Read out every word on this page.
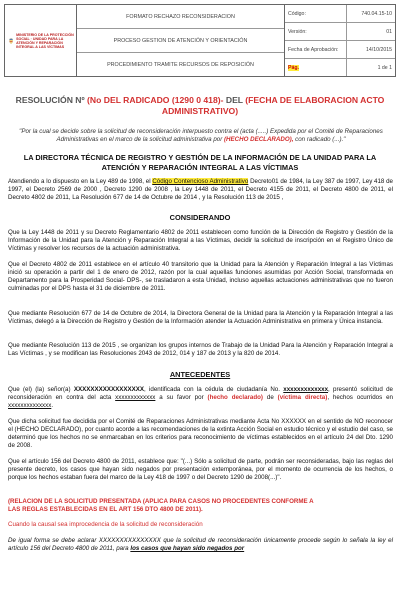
MINISTERIO DE LA PROTECCIÓN SOCIAL · UNIDAD PARA LA ATENCIÓN Y REPARACIÓN INTEGRAL A LAS VÍCTIMAS
FORMATO RECHAZO RECONSIDERACION
PROCESO GESTION DE ATENCIÓN Y ORIENTACIÓN
PROCEDIMIENTO TRAMITE RECURSOS DE REPOSICIÓN
Código:	740.04.15-10
Versión:	01
Fecha de Aprobación:	14/10/2015
Pág.	1 de 1
RESOLUCIÓN Nº (No DEL RADICADO (1290 0 418)- DEL (FECHA DE ELABORACION ACTO
ADMINISTRATIVO)
"Por la cual se decide sobre la solicitud de reconsideración interpuesto contra el (acta (.....) Expedida por el Comité de Reparaciones Administrativas en el marco de la solicitud administrativa por (HECHO DECLARADO), con radicado (...)."
LA DIRECTORA TÉCNICA DE REGISTRO Y GESTIÓN DE LA INFORMACIÓN DE LA UNIDAD PARA LA
ATENCIÓN Y REPARACIÓN INTEGRAL A LAS VÍCTIMAS
Atendiendo a lo dispuesto en la Ley 489 de 1998, el Código Contencioso Administrativo Decreto01 de 1984, la Ley 387 de 1997, Ley 418 de 1997, el Decreto 2569 de 2000 , Decreto 1290 de 2008 , la Ley 1448 de 2011, el Decreto 4155 de 2011, el Decreto 4800 de 2011, el Decreto 4802 de 2011, La Resolución 677 de 14 de Octubre de 2014 , y la Resolución 113 de 2015 ,
CONSIDERANDO
Que la Ley 1448 de 2011 y su Decreto Reglamentario 4802 de 2011 establecen como función de la Dirección de Registro y Gestión de la Información de la Unidad para la Atención y Reparación Integral a las Víctimas, decidir la solicitud de inscripción en el Registro Único de Víctimas y resolver los recursos de la actuación administrativa.
Que el Decreto 4802 de 2011 establece en el artículo 40 transitorio que la Unidad para la Atención y Reparación Integral a las Víctimas inició su operación a partir del 1 de enero de 2012, razón por la cual aquellas funciones asumidas por Acción Social, transformada en Departamento para la Prosperidad Social- DPS-, se trasladaron a esta Unidad, incluso aquellas actuaciones administrativas que no fueron culminadas por el DPS hasta el 31 de diciembre de 2011.
Que mediante Resolución 677 de 14 de Octubre de 2014, la Directora General de la Unidad para la Atención y la Reparación Integral a las Víctimas, delegó a la Dirección de Registro y Gestión de la Información atender la Actuación Administrativa en primera y Única instancia.
Que mediante Resolución 113 de 2015 , se organizan los grupos internos de Trabajo de la Unidad Para la Atención y Reparación Integral a Las Víctimas , y se modifican las Resoluciones 2043 de 2012, 014 y 187 de 2013 y la 820 de 2014.
ANTECEDENTES
Que (el) (la) señor(a) XXXXXXXXXXXXXXXXX, identificada con la cédula de ciudadanía No. xxxxxxxxxxxxx, presentó solicitud de reconsideración en contra del acta xxxxxxxxxxxxx a su favor por (hecho declarado) de (víctima directa), hechos ocurridos en xxxxxxxxxxxxxx.
Que dicha solicitud fue decidida por el Comité de Reparaciones Administrativas mediante Acta No XXXXXX en el sentido de NO reconocer el (HECHO DECLARADO), por cuanto acorde a las recomendaciones de la extinta Acción Social en estudio técnico y el estudio del caso, se determinó que los hechos no se enmarcaban en los criterios para reconocimiento de víctimas establecidos en el artículo 24 del Dto. 1290 de 2008.
Que el artículo 156 del Decreto 4800 de 2011, establece que: "(...) Sólo a solicitud de parte, podrán ser reconsideradas, bajo las reglas del presente decreto, los casos que hayan sido negados por presentación extemporánea, por el momento de ocurrencia de los hechos, o porque los hechos estaban fuera del marco de la Ley 418 de 1997 o del Decreto 1290 de 2008(...)".
(RELACION DE LA SOLICITUD PRESENTADA (APLICA PARA CASOS NO PROCEDENTES CONFORME A
LAS REGLAS ESTABLECIDAS EN EL ART 156 DTO 4800 DE 2011).
Cuando la causal sea improcedencia de la solicitud de reconsideración
De igual forma se debe aclarar XXXXXXXXXXXXXXX que la solicitud de reconsideración únicamente procede según lo señala la ley el artículo 156 del Decreto 4800 de 2011, para los casos que hayan sido negados por
